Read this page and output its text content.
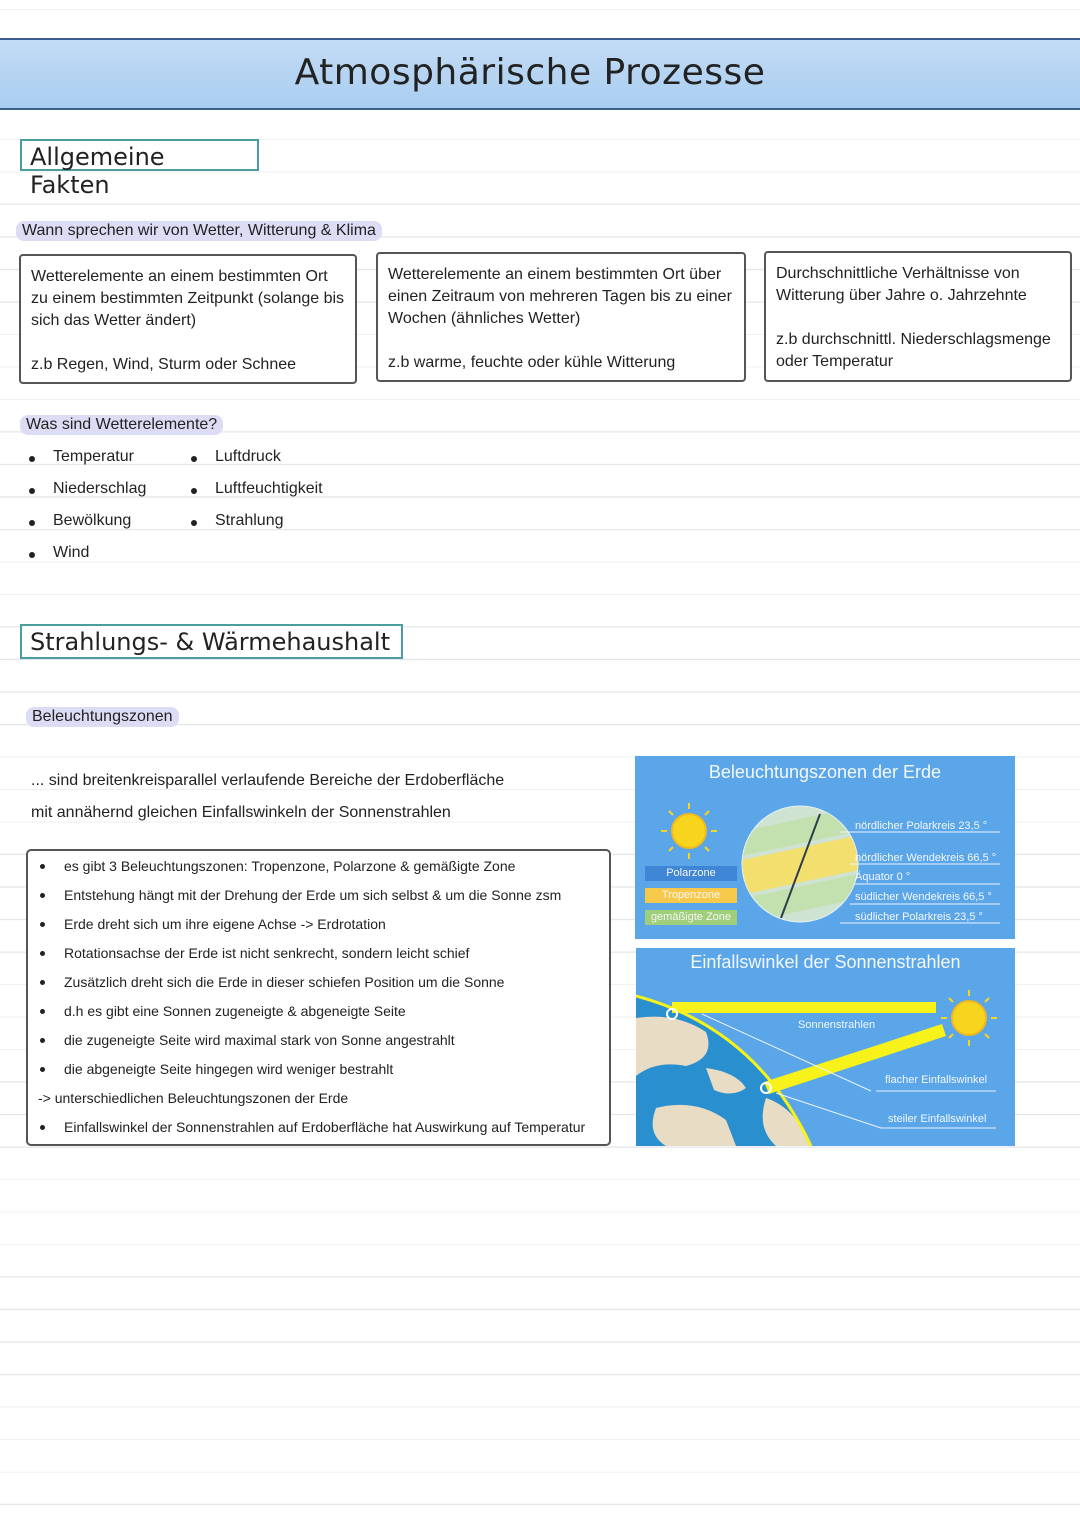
Atmosphärische Prozesse
Allgemeine Fakten
Wann sprechen wir von Wetter, Witterung & Klima

Wetterelemente an einem bestimmten Ort

zu einem bestimmten Zeitpunkt (solange bis

sich das Wetter ändert)

z.b Regen, Wind, Sturm oder Schnee

Wetterelemente an einem bestimmten Ort über

einen Zeitraum von mehreren Tagen bis zu einer

Wochen (ähnliches Wetter)

z.b warme, feuchte oder kühle Witterung

Durchschnittliche Verhältnisse von

Witterung über Jahre o. Jahrzehnte

z.b durchschnittl. Niederschlagsmenge

oder Temperatur

Was sind Wetterelemente?
Temperatur
Niederschlag
Bewölkung
Wind
Luftdruck
Luftfeuchtigkeit
Strahlung
Strahlungs- & Wärmehaushalt
Beleuchtungszonen
... sind breitenkreisparallel verlaufende Bereiche der Erdoberfläche
mit annähernd gleichen Einfallswinkeln der Sonnenstrahlen
es gibt 3 Beleuchtungszonen: Tropenzone, Polarzone & gemäßigte Zone
Entstehung hängt mit der Drehung der Erde um sich selbst & um die Sonne zsm
Erde dreht sich um ihre eigene Achse -> Erdrotation
Rotationsachse der Erde ist nicht senkrecht, sondern leicht schief
Zusätzlich dreht sich die Erde in dieser schiefen Position um die Sonne
d.h es gibt eine Sonnen zugeneigte & abgeneigte Seite
die zugeneigte Seite wird maximal stark von Sonne angestrahlt
die abgeneigte Seite hingegen wird weniger bestrahlt
-> unterschiedlichen Beleuchtungszonen der Erde
Einfallswinkel der Sonnenstrahlen auf Erdoberfläche hat Auswirkung auf Temperatur
Beleuchtungszonen der Erde
Polarzone
Tropenzone
gemäßigte Zone
nördlicher Polarkreis 23,5 °
nördlicher Wendekreis 66,5 °
Äquator 0 °
südlicher Wendekreis 66,5 °
südlicher Polarkreis 23,5 °
Einfallswinkel der Sonnenstrahlen
Sonnenstrahlen
flacher Einfallswinkel
steiler Einfallswinkel
